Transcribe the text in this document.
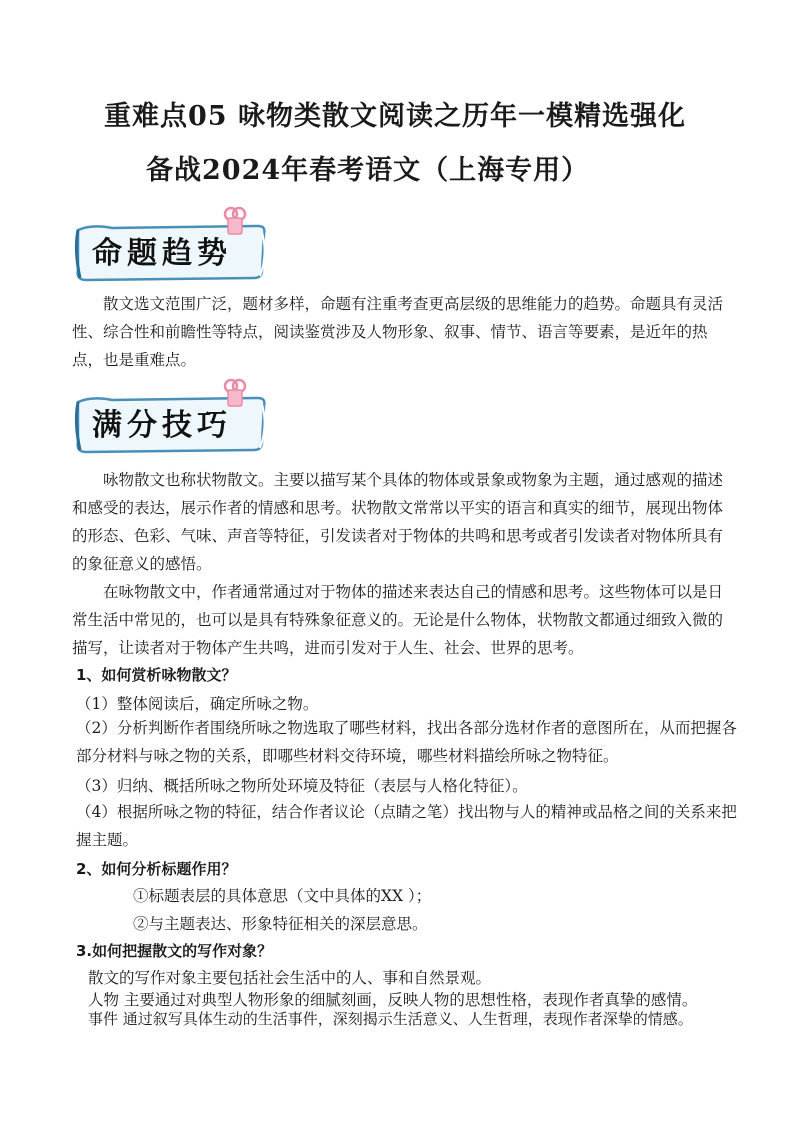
重难点05 咏物类散文阅读之历年一模精选强化
备战2024年春考语文（上海专用）
命题趋势

散文选文范围广泛，题材多样，命题有注重考查更高层级的思维能力的趋势。命题具有灵活性、综合性和前瞻性等特点，阅读鉴赏涉及人物形象、叙事、情节、语言等要素，是近年的热点，也是重难点。

满分技巧

咏物散文也称状物散文。主要以描写某个具体的物体或景象或物象为主题，通过感观的描述和感受的表达，展示作者的情感和思考。状物散文常常以平实的语言和真实的细节，展现出物体的形态、色彩、气味、声音等特征，引发读者对于物体的共鸣和思考或者引发读者对物体所具有的象征意义的感悟。

在咏物散文中，作者通常通过对于物体的描述来表达自己的情感和思考。这些物体可以是日常生活中常见的，也可以是具有特殊象征意义的。无论是什么物体，状物散文都通过细致入微的描写，让读者对于物体产生共鸣，进而引发对于人生、社会、世界的思考。

1、如何赏析咏物散文？
（1）整体阅读后，确定所咏之物。

（2）分析判断作者围绕所咏之物选取了哪些材料，找出各部分选材作者的意图所在，从而把握各部分材料与咏之物的关系，即哪些材料交待环境，哪些材料描绘所咏之物特征。

（3）归纳、概括所咏之物所处环境及特征（表层与人格化特征）。

（4）根据所咏之物的特征，结合作者议论（点睛之笔）找出物与人的精神或品格之间的关系来把握主题。

2、如何分析标题作用？
①标题表层的具体意思（文中具体的XX ）；
②与主题表达、形象特征相关的深层意思。
3.如何把握散文的写作对象？
散文的写作对象主要包括社会生活中的人、事和自然景观。
人物 主要通过对典型人物形象的细腻刻画，反映人物的思想性格，表现作者真挚的感情。
事件 通过叙写具体生动的生活事件，深刻揭示生活意义、人生哲理，表现作者深挚的情感。
